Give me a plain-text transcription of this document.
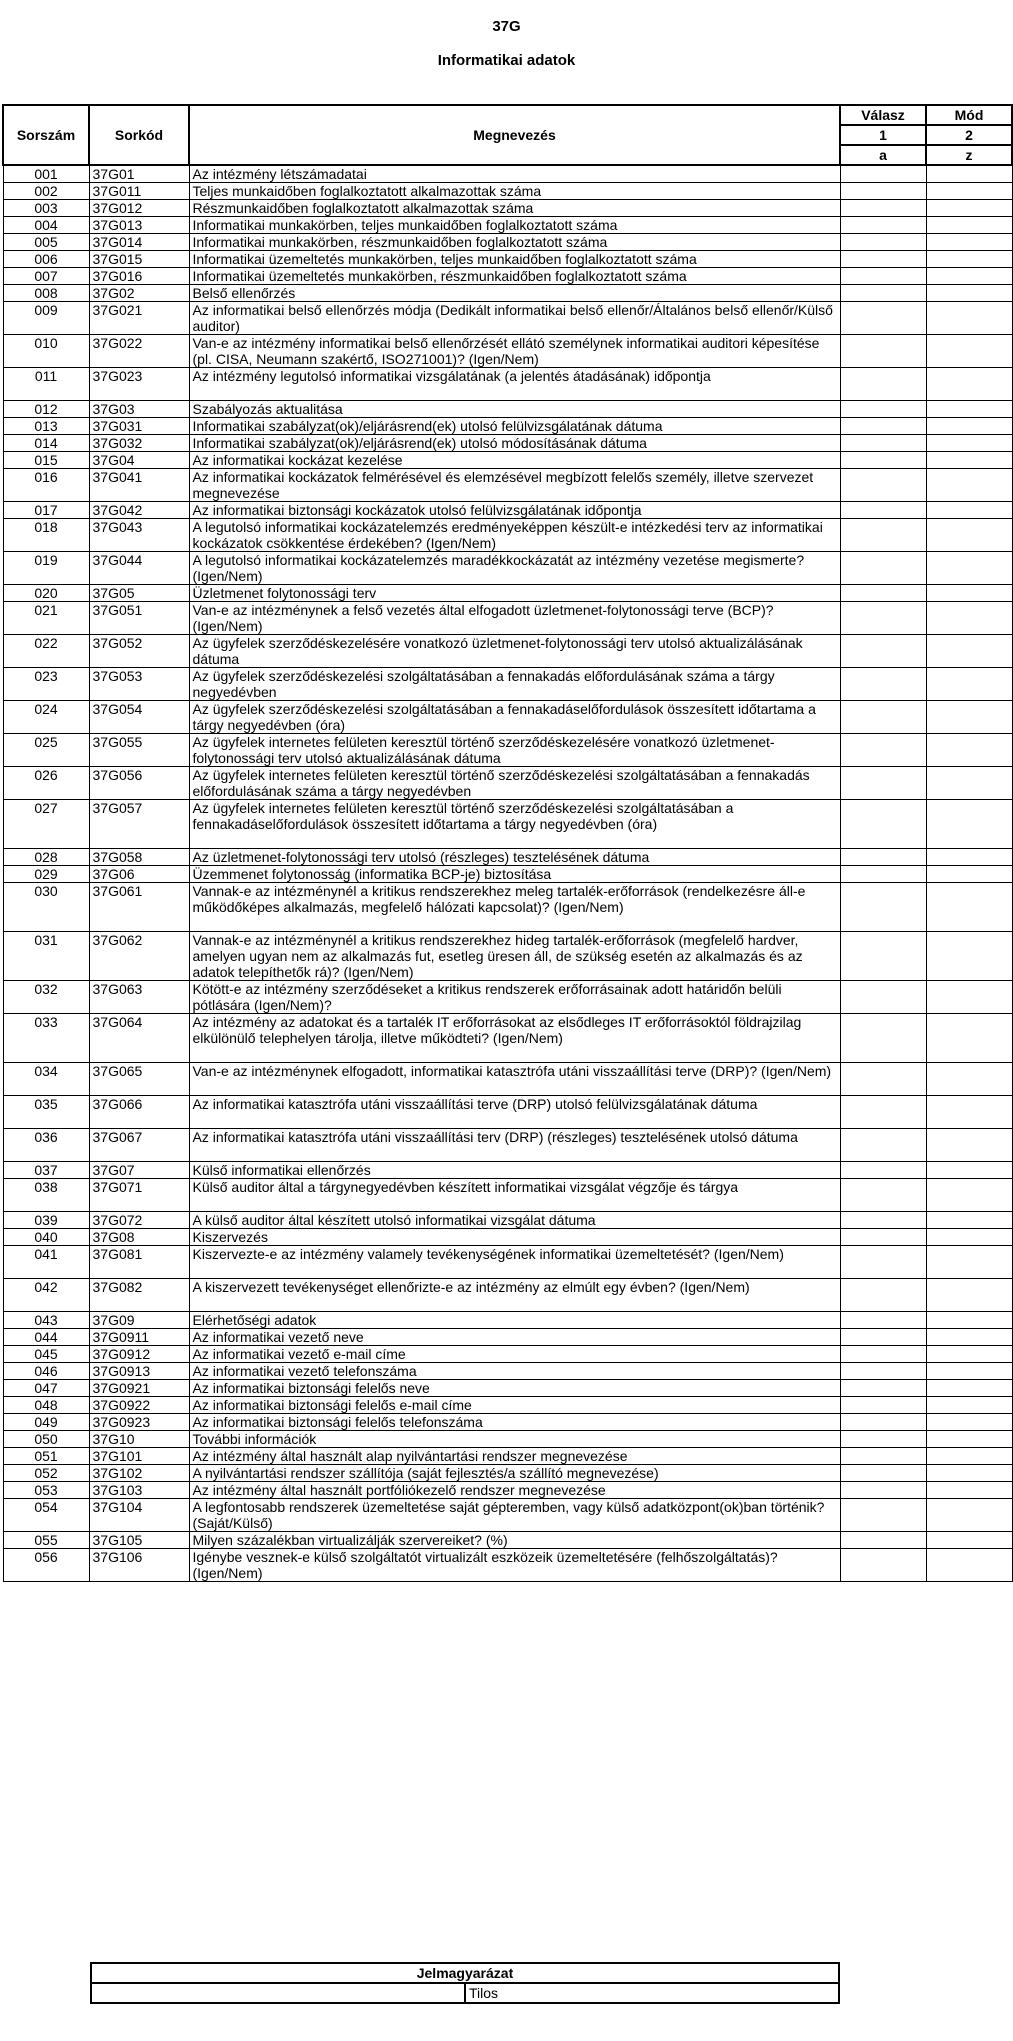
37G
Informatikai adatok
Sorszám	Sorkód	Megnevezés	Válasz	Mód
			1	2
			a	z
001	37G01	Az intézmény létszámadatai		
002	37G011	Teljes munkaidőben foglalkoztatott alkalmazottak száma		
003	37G012	Részmunkaidőben foglalkoztatott alkalmazottak száma		
004	37G013	Informatikai munkakörben, teljes munkaidőben foglalkoztatott száma		
005	37G014	Informatikai munkakörben, részmunkaidőben foglalkoztatott száma		
006	37G015	Informatikai üzemeltetés munkakörben, teljes munkaidőben foglalkoztatott száma		
007	37G016	Informatikai üzemeltetés munkakörben, részmunkaidőben foglalkoztatott száma		
008	37G02	Belső ellenőrzés		
009	37G021	Az informatikai belső ellenőrzés módja (Dedikált informatikai belső ellenőr/Általános belső ellenőr/Külső auditor)		
010	37G022	Van-e az intézmény informatikai belső ellenőrzését ellátó személynek informatikai auditori képesítése (pl. CISA, Neumann szakértő, ISO271001)? (Igen/Nem)		
011	37G023	Az intézmény legutolsó informatikai vizsgálatának (a jelentés átadásának) időpontja		
012	37G03	Szabályozás aktualitása		
013	37G031	Informatikai szabályzat(ok)/eljárásrend(ek) utolsó felülvizsgálatának dátuma		
014	37G032	Informatikai szabályzat(ok)/eljárásrend(ek) utolsó módosításának dátuma		
015	37G04	Az informatikai kockázat kezelése		
016	37G041	Az informatikai kockázatok felmérésével és elemzésével megbízott felelős személy, illetve szervezet megnevezése		
017	37G042	Az informatikai biztonsági kockázatok utolsó felülvizsgálatának időpontja		
018	37G043	A legutolsó informatikai kockázatelemzés eredményeképpen készült-e intézkedési terv az informatikai kockázatok csökkentése érdekében? (Igen/Nem)		
019	37G044	A legutolsó informatikai kockázatelemzés maradékkockázatát az intézmény vezetése megismerte? (Igen/Nem)		
020	37G05	Üzletmenet folytonossági terv		
021	37G051	Van-e az intézménynek a felső vezetés által elfogadott üzletmenet-folytonossági terve (BCP)? (Igen/Nem)		
022	37G052	Az ügyfelek szerződéskezelésére vonatkozó üzletmenet-folytonossági terv utolsó aktualizálásának dátuma		
023	37G053	Az ügyfelek szerződéskezelési szolgáltatásában a fennakadás előfordulásának száma a tárgy negyedévben		
024	37G054	Az ügyfelek szerződéskezelési szolgáltatásában a fennakadáselőfordulások összesített időtartama a tárgy negyedévben (óra)		
025	37G055	Az ügyfelek internetes felületen keresztül történő szerződéskezelésére vonatkozó üzletmenet-folytonossági terv utolsó aktualizálásának dátuma		
026	37G056	Az ügyfelek internetes felületen keresztül történő szerződéskezelési szolgáltatásában a fennakadás előfordulásának száma a tárgy negyedévben		
027	37G057	Az ügyfelek internetes felületen keresztül történő szerződéskezelési szolgáltatásában a fennakadáselőfordulások összesített időtartama a tárgy negyedévben (óra)		
028	37G058	Az üzletmenet-folytonossági terv utolsó (részleges) tesztelésének dátuma		
029	37G06	Üzemmenet folytonosság (informatika BCP-je) biztosítása		
030	37G061	Vannak-e az intézménynél a kritikus rendszerekhez meleg tartalék-erőforrások (rendelkezésre áll-e működőképes alkalmazás, megfelelő hálózati kapcsolat)? (Igen/Nem)		
031	37G062	Vannak-e az intézménynél a kritikus rendszerekhez hideg tartalék-erőforrások (megfelelő hardver, amelyen ugyan nem az alkalmazás fut, esetleg üresen áll, de szükség esetén az alkalmazás és az adatok telepíthetők rá)? (Igen/Nem)		
032	37G063	Kötött-e az intézmény szerződéseket a kritikus rendszerek erőforrásainak adott határidőn belüli pótlására (Igen/Nem)?		
033	37G064	Az intézmény az adatokat és a tartalék IT erőforrásokat az elsődleges IT erőforrásoktól földrajzilag elkülönülő telephelyen tárolja, illetve működteti? (Igen/Nem)		
034	37G065	Van-e az intézménynek elfogadott, informatikai katasztrófa utáni visszaállítási terve (DRP)? (Igen/Nem)		
035	37G066	Az informatikai katasztrófa utáni visszaállítási terve (DRP) utolsó felülvizsgálatának dátuma		
036	37G067	Az informatikai katasztrófa utáni visszaállítási terv (DRP) (részleges) tesztelésének utolsó dátuma		
037	37G07	Külső informatikai ellenőrzés		
038	37G071	Külső auditor által a tárgynegyedévben készített informatikai vizsgálat végzője és tárgya		
039	37G072	A külső auditor által készített utolsó informatikai vizsgálat dátuma		
040	37G08	Kiszervezés		
041	37G081	Kiszervezte-e az intézmény valamely tevékenységének informatikai üzemeltetését? (Igen/Nem)		
042	37G082	A kiszervezett tevékenységet ellenőrizte-e az intézmény az elmúlt egy évben? (Igen/Nem)		
043	37G09	Elérhetőségi adatok		
044	37G0911	Az informatikai vezető neve		
045	37G0912	Az informatikai vezető e-mail címe		
046	37G0913	Az informatikai vezető telefonszáma		
047	37G0921	Az informatikai biztonsági felelős neve		
048	37G0922	Az informatikai biztonsági felelős e-mail címe		
049	37G0923	Az informatikai biztonsági felelős telefonszáma		
050	37G10	További információk		
051	37G101	Az intézmény által használt alap nyilvántartási rendszer megnevezése		
052	37G102	A nyilvántartási rendszer szállítója (saját fejlesztés/a szállító megnevezése)		
053	37G103	Az intézmény által használt portfóliókezelő rendszer megnevezése		
054	37G104	A legfontosabb rendszerek üzemeltetése saját gépteremben, vagy külső adatközpont(ok)ban történik? (Saját/Külső)		
055	37G105	Milyen százalékban virtualizálják szervereiket? (%)		
056	37G106	Igénybe vesznek-e külső szolgáltatót virtualizált eszközeik üzemeltetésére (felhőszolgáltatás)? (Igen/Nem)		
Jelmagyarázat
	Tilos
